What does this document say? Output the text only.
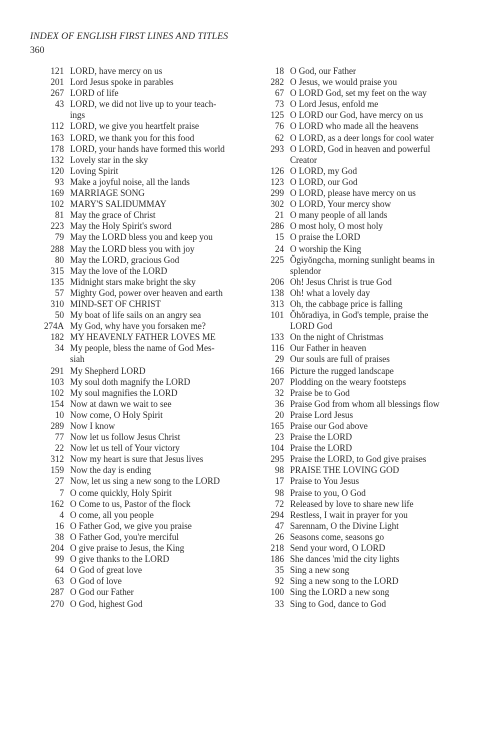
INDEX OF ENGLISH FIRST LINES AND TITLES
360
121 LORD, have mercy on us
201 Lord Jesus spoke in parables
267 LORD of life
43 LORD, we did not live up to your teach-
ings
112 LORD, we give you heartfelt praise
163 LORD, we thank you for this food
178 LORD, your hands have formed this world
132 Lovely star in the sky
120 Loving Spirit
93 Make a joyful noise, all the lands
169 MARRIAGE SONG
102 MARY'S SALIDUMMAY
81 May the grace of Christ
223 May the Holy Spirit's sword
79 May the LORD bless you and keep you
288 May the LORD bless you with joy
80 May the LORD, gracious God
315 May the love of the LORD
135 Midnight stars make bright the sky
57 Mighty God, power over heaven and earth
310 MIND-SET OF CHRIST
50 My boat of life sails on an angry sea
274A My God, why have you forsaken me?
182 MY HEAVENLY FATHER LOVES ME
34 My people, bless the name of God Mes-
siah
291 My Shepherd LORD
103 My soul doth magnify the LORD
102 My soul magnifies the LORD
154 Now at dawn we wait to see
10 Now come, O Holy Spirit
289 Now I know
77 Now let us follow Jesus Christ
22 Now let us tell of Your victory
312 Now my heart is sure that Jesus lives
159 Now the day is ending
27 Now, let us sing a new song to the LORD
7 O come quickly, Holy Spirit
162 O Come to us, Pastor of the flock
4 O come, all you people
16 O Father God, we give you praise
38 O Father God, you're merciful
204 O give praise to Jesus, the King
99 O give thanks to the LORD
64 O God of great love
63 O God of love
287 O God our Father
270 O God, highest God
18 O God, our Father
282 O Jesus, we would praise you
67 O LORD God, set my feet on the way
73 O Lord Jesus, enfold me
125 O LORD our God, have mercy on us
76 O LORD who made all the heavens
62 O LORD, as a deer longs for cool water
293 O LORD, God in heaven and powerful
Creator
126 O LORD, my God
123 O LORD, our God
299 O LORD, please have mercy on us
302 O LORD, Your mercy show
21 O many people of all lands
286 O most holy, O most holy
15 O praise the LORD
24 O worship the King
225 Ŏgiyŏngcha, morning sunlight beams in
splendor
206 Oh! Jesus Christ is true God
138 Oh! what a lovely day
313 Oh, the cabbage price is falling
101 Ŏhŏradiya, in God's temple, praise the
LORD God
133 On the night of Christmas
116 Our Father in heaven
29 Our souls are full of praises
166 Picture the rugged landscape
207 Plodding on the weary footsteps
32 Praise be to God
36 Praise God from whom all blessings flow
20 Praise Lord Jesus
165 Praise our God above
23 Praise the LORD
104 Praise the LORD
295 Praise the LORD, to God give praises
98 PRAISE THE LOVING GOD
17 Praise to You Jesus
98 Praise to you, O God
72 Released by love to share new life
294 Restless, I wait in prayer for you
47 Sarennam, O the Divine Light
26 Seasons come, seasons go
218 Send your word, O LORD
186 She dances 'mid the city lights
35 Sing a new song
92 Sing a new song to the LORD
100 Sing the LORD a new song
33 Sing to God, dance to God
